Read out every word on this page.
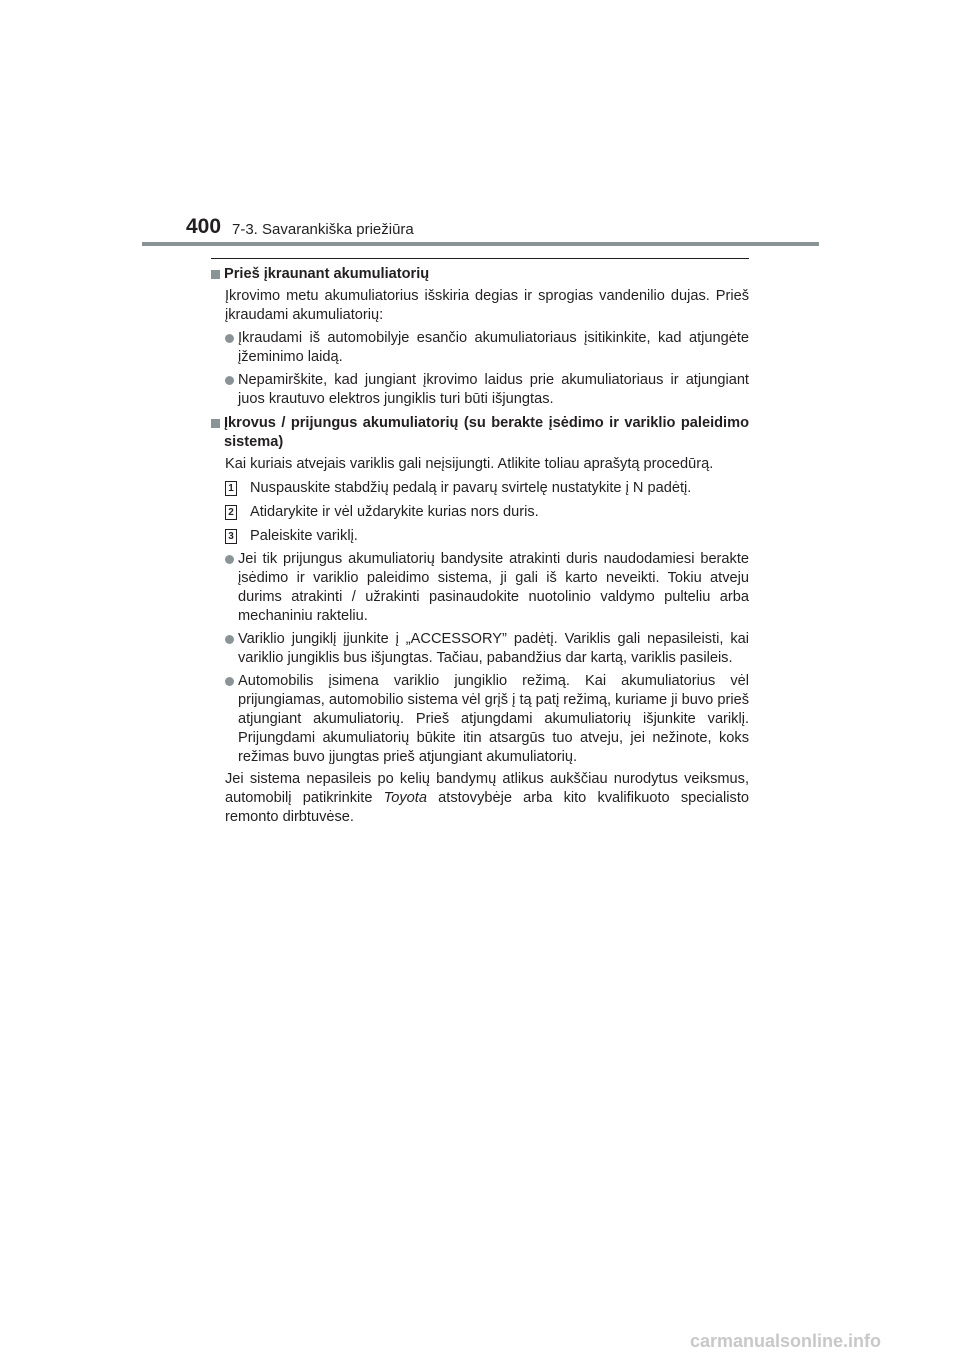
400 7-3. Savarankiška priežiūra
Prieš įkraunant akumuliatorių
Įkrovimo metu akumuliatorius išskiria degias ir sprogias vandenilio dujas. Prieš įkraudami akumuliatorių:
Įkraudami iš automobilyje esančio akumuliatoriaus įsitikinkite, kad atjungėte įžeminimo laidą.
Nepamirškite, kad jungiant įkrovimo laidus prie akumuliatoriaus ir atjungiant juos krautuvo elektros jungiklis turi būti išjungtas.
Įkrovus / prijungus akumuliatorių (su berakte įsėdimo ir variklio paleidimo sistema)
Kai kuriais atvejais variklis gali neįsijungti. Atlikite toliau aprašytą procedūrą.
1 Nuspauskite stabdžių pedalą ir pavarų svirtelę nustatykite į N padėtį.
2 Atidarykite ir vėl uždarykite kurias nors duris.
3 Paleiskite variklį.
Jei tik prijungus akumuliatorių bandysite atrakinti duris naudodamiesi berakte įsėdimo ir variklio paleidimo sistema, ji gali iš karto neveikti. Tokiu atveju durims atrakinti / užrakinti pasinaudokite nuotolinio valdymo pulteliu arba mechaniniu rakteliu.
Variklio jungiklį įjunkite į „ACCESSORY” padėtį. Variklis gali nepasileisti, kai variklio jungiklis bus išjungtas. Tačiau, pabandžius dar kartą, variklis pasileis.
Automobilis įsimena variklio jungiklio režimą. Kai akumuliatorius vėl prijungiamas, automobilio sistema vėl grįš į tą patį režimą, kuriame ji buvo prieš atjungiant akumuliatorių. Prieš atjungdami akumuliatorių išjunkite variklį. Prijungdami akumuliatorių būkite itin atsargūs tuo atveju, jei nežinote, koks režimas buvo įjungtas prieš atjungiant akumuliatorių.
Jei sistema nepasileis po kelių bandymų atlikus aukščiau nurodytus veiksmus, automobilį patikrinkite Toyota atstovybėje arba kito kvalifikuoto specialisto remonto dirbtuvėse.
carmanualsonline.info
